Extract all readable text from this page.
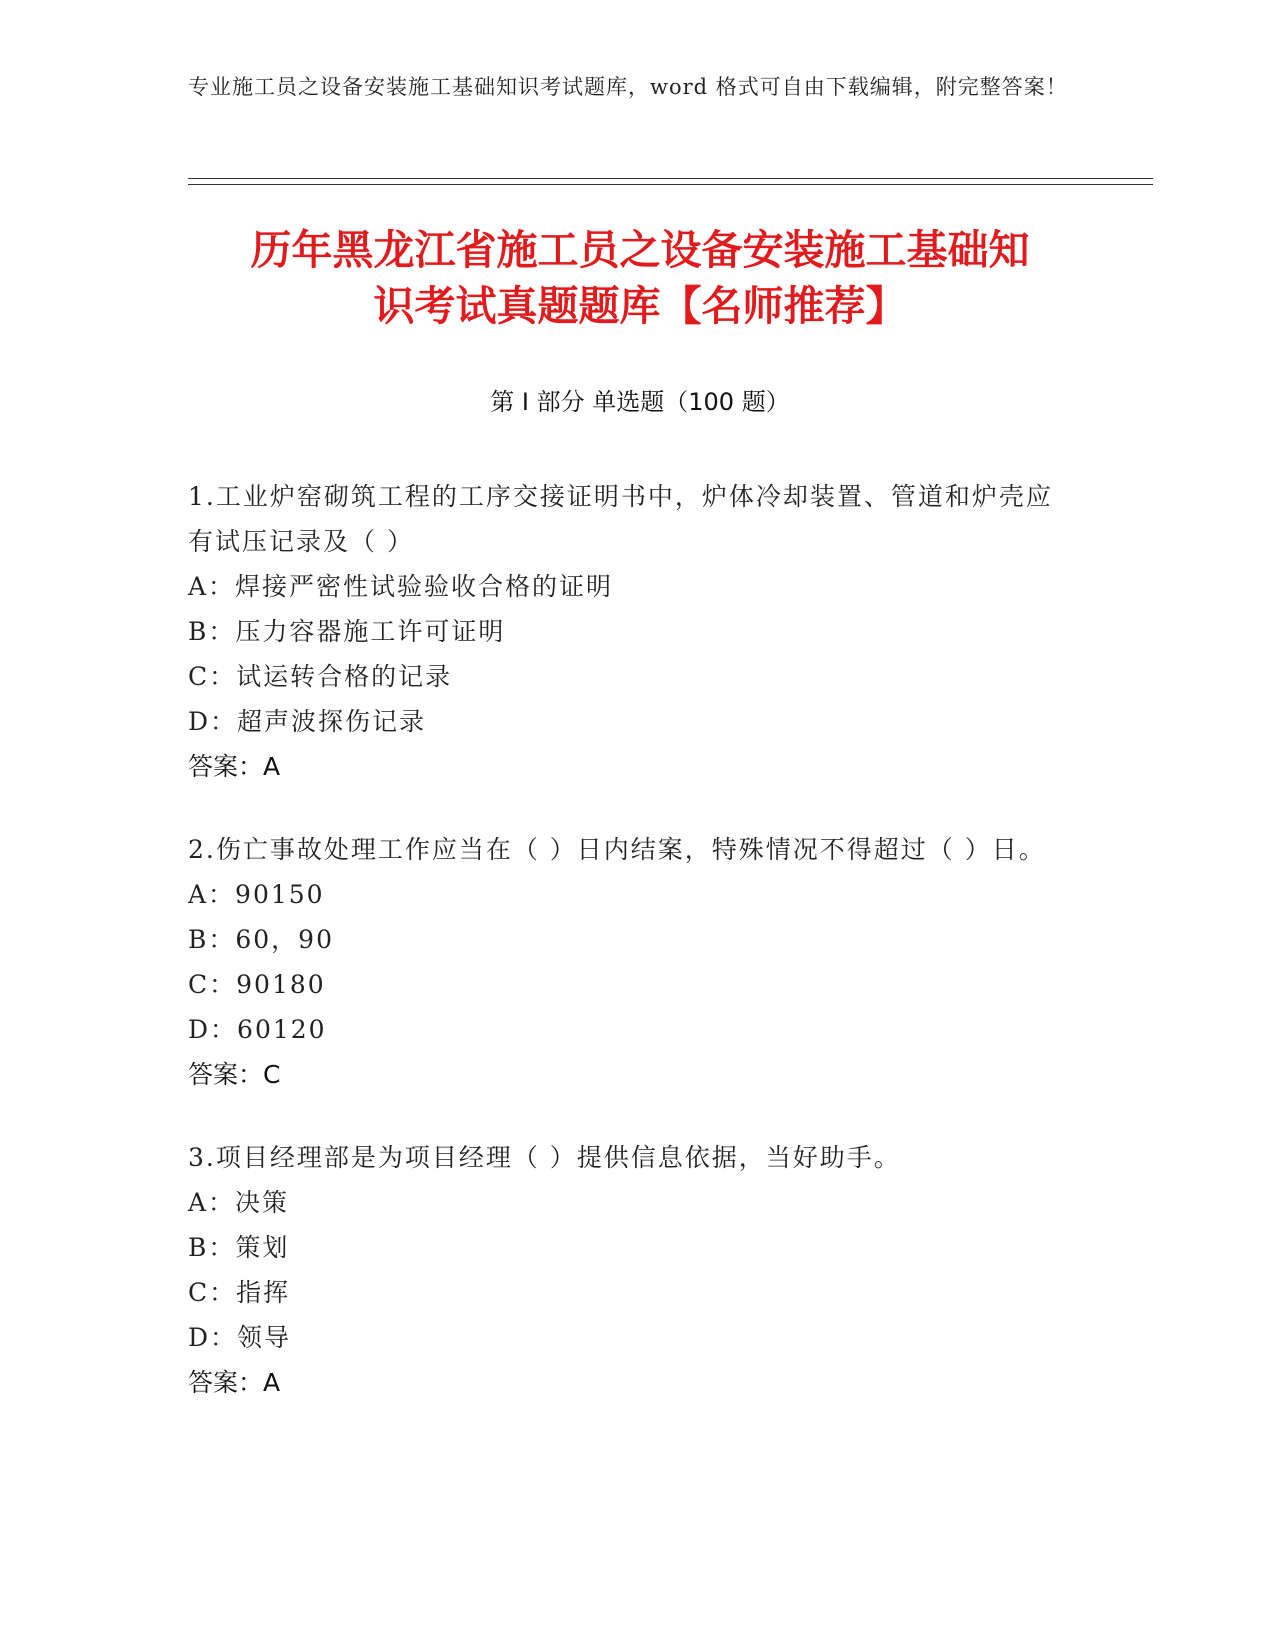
专业施工员之设备安装施工基础知识考试题库，word 格式可自由下载编辑，附完整答案！
历年黑龙江省施工员之设备安装施工基础知
识考试真题题库【名师推荐】
第 I 部分 单选题（100 题）
1.工业炉窑砌筑工程的工序交接证明书中，炉体冷却装置、管道和炉壳应有试压记录及（ ）
A：焊接严密性试验验收合格的证明
B：压力容器施工许可证明
C：试运转合格的记录
D：超声波探伤记录
答案：A
2.伤亡事故处理工作应当在（ ）日内结案，特殊情况不得超过（ ）日。
A：90150
B：60，90
C：90180
D：60120
答案：C
3.项目经理部是为项目经理（ ）提供信息依据，当好助手。
A：决策
B：策划
C：指挥
D：领导
答案：A
